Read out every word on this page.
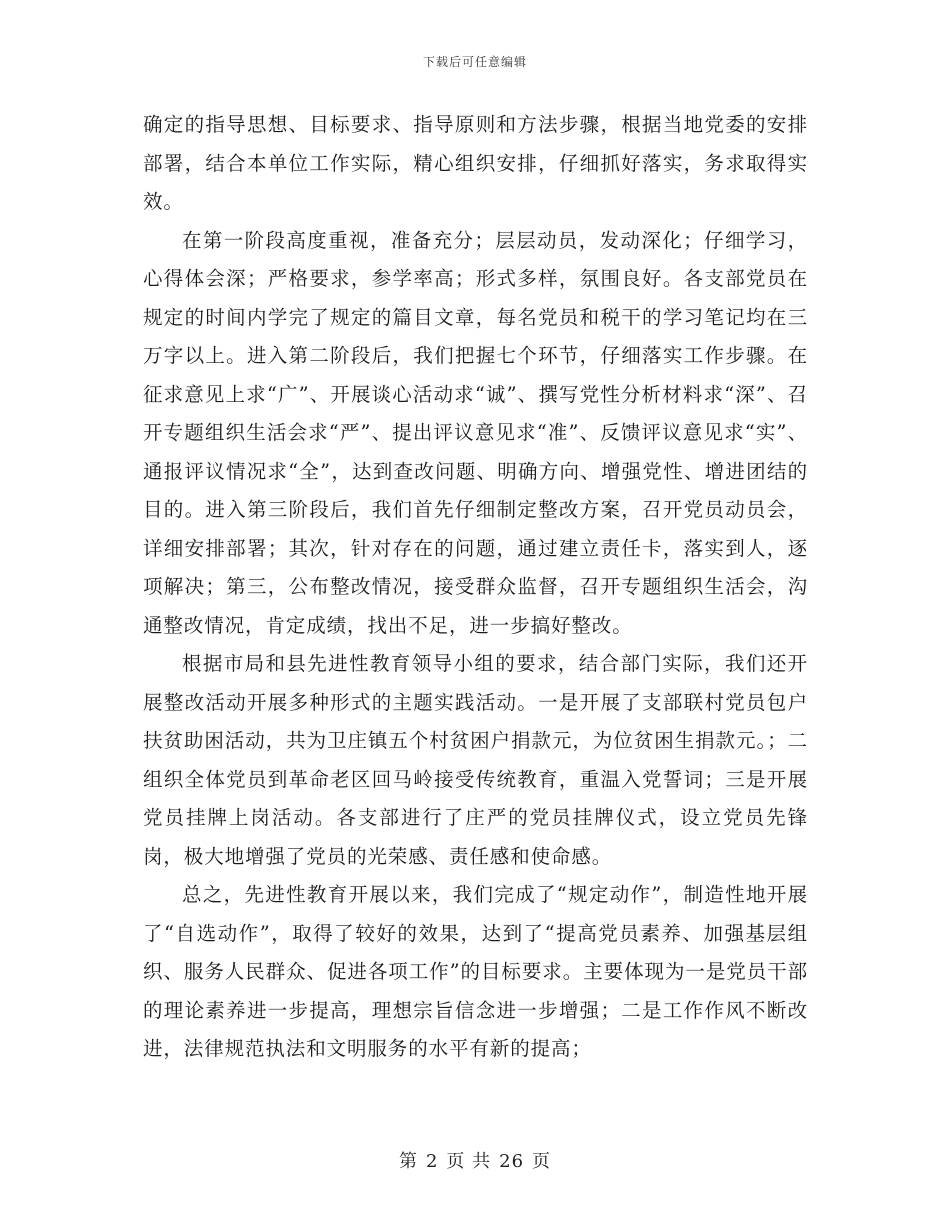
下载后可任意编辑

确定的指导思想、目标要求、指导原则和方法步骤，根据当地党委的安排部署，结合本单位工作实际，精心组织安排，仔细抓好落实，务求取得实效。

在第一阶段高度重视，准备充分；层层动员，发动深化；仔细学习，心得体会深；严格要求，参学率高；形式多样，氛围良好。各支部党员在规定的时间内学完了规定的篇目文章，每名党员和税干的学习笔记均在三万字以上。进入第二阶段后，我们把握七个环节，仔细落实工作步骤。在征求意见上求“广”、开展谈心活动求“诚”、撰写党性分析材料求“深”、召开专题组织生活会求“严”、提出评议意见求“准”、反馈评议意见求“实”、通报评议情况求“全”，达到查改问题、明确方向、增强党性、增进团结的目的。进入第三阶段后，我们首先仔细制定整改方案，召开党员动员会，详细安排部署；其次，针对存在的问题，通过建立责任卡，落实到人，逐项解决；第三，公布整改情况，接受群众监督，召开专题组织生活会，沟通整改情况，肯定成绩，找出不足，进一步搞好整改。

根据市局和县先进性教育领导小组的要求，结合部门实际，我们还开展整改活动开展多种形式的主题实践活动。一是开展了支部联村党员包户扶贫助困活动，共为卫庄镇五个村贫困户捐款元，为位贫困生捐款元。；二组织全体党员到革命老区回马岭接受传统教育，重温入党誓词；三是开展党员挂牌上岗活动。各支部进行了庄严的党员挂牌仪式，设立党员先锋岗，极大地增强了党员的光荣感、责任感和使命感。

总之，先进性教育开展以来，我们完成了“规定动作”，制造性地开展了“自选动作”，取得了较好的效果，达到了“提高党员素养、加强基层组织、服务人民群众、促进各项工作”的目标要求。主要体现为一是党员干部的理论素养进一步提高，理想宗旨信念进一步增强；二是工作作风不断改进，法律规范执法和文明服务的水平有新的提高；

第 2 页 共 26 页
